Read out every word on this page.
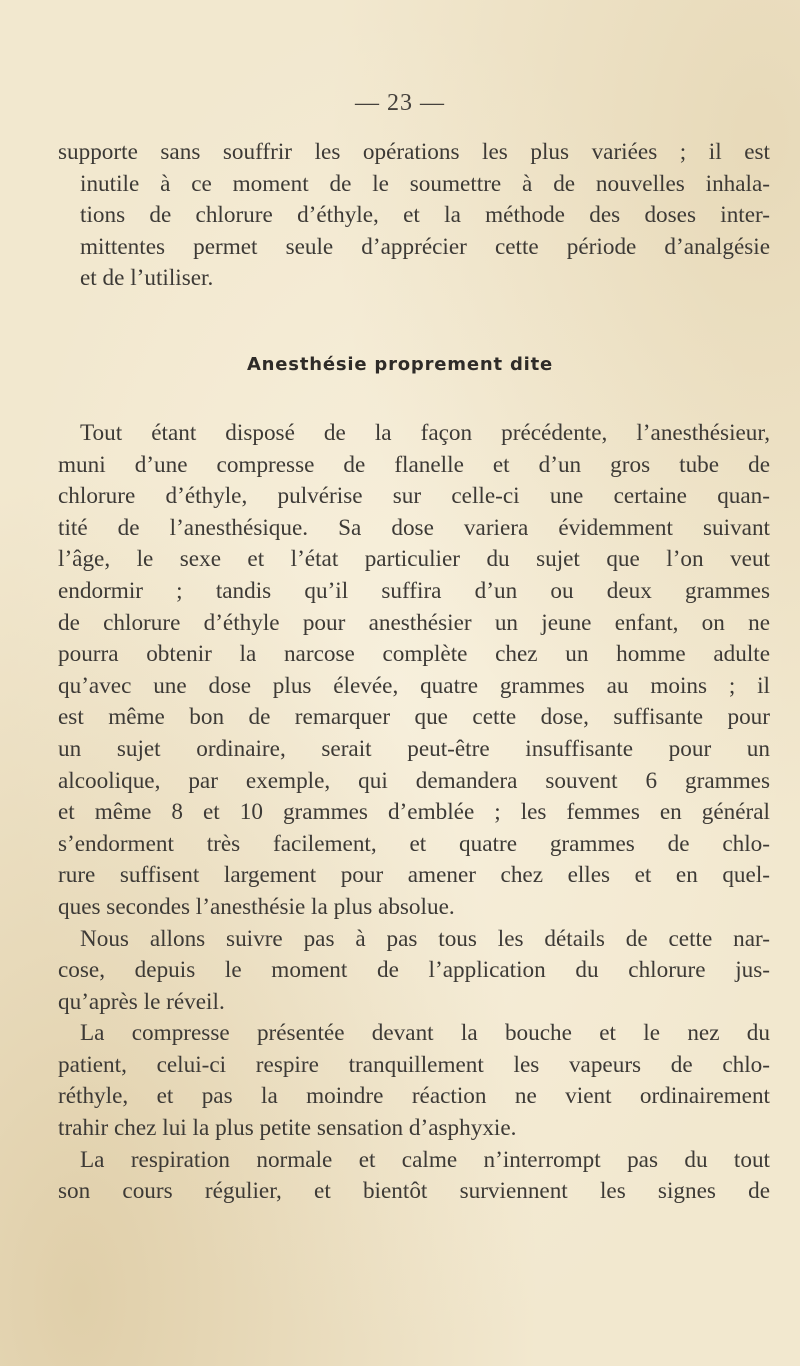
— 23 —
supporte sans souffrir les opérations les plus variées ; il est
inutile à ce moment de le soumettre à de nouvelles inhala-
tions de chlorure d’éthyle, et la méthode des doses inter-
mittentes permet seule d’apprécier cette période d’analgésie
et de l’utiliser.
Anesthésie proprement dite
Tout étant disposé de la façon précédente, l’anesthésieur,
muni d’une compresse de flanelle et d’un gros tube de
chlorure d’éthyle, pulvérise sur celle-ci une certaine quan-
tité de l’anesthésique. Sa dose variera évidemment suivant
l’âge, le sexe et l’état particulier du sujet que l’on veut
endormir ; tandis qu’il suffira d’un ou deux grammes
de chlorure d’éthyle pour anesthésier un jeune enfant, on ne
pourra obtenir la narcose complète chez un homme adulte
qu’avec une dose plus élevée, quatre grammes au moins ; il
est même bon de remarquer que cette dose, suffisante pour
un sujet ordinaire, serait peut-être insuffisante pour un
alcoolique, par exemple, qui demandera souvent 6 grammes
et même 8 et 10 grammes d’emblée ; les femmes en général
s’endorment très facilement, et quatre grammes de chlo-
rure suffisent largement pour amener chez elles et en quel-
ques secondes l’anesthésie la plus absolue.
Nous allons suivre pas à pas tous les détails de cette nar-
cose, depuis le moment de l’application du chlorure jus-
qu’après le réveil.
La compresse présentée devant la bouche et le nez du
patient, celui-ci respire tranquillement les vapeurs de chlo-
réthyle, et pas la moindre réaction ne vient ordinairement
trahir chez lui la plus petite sensation d’asphyxie.
La respiration normale et calme n’interrompt pas du tout
son cours régulier, et bientôt surviennent les signes de
